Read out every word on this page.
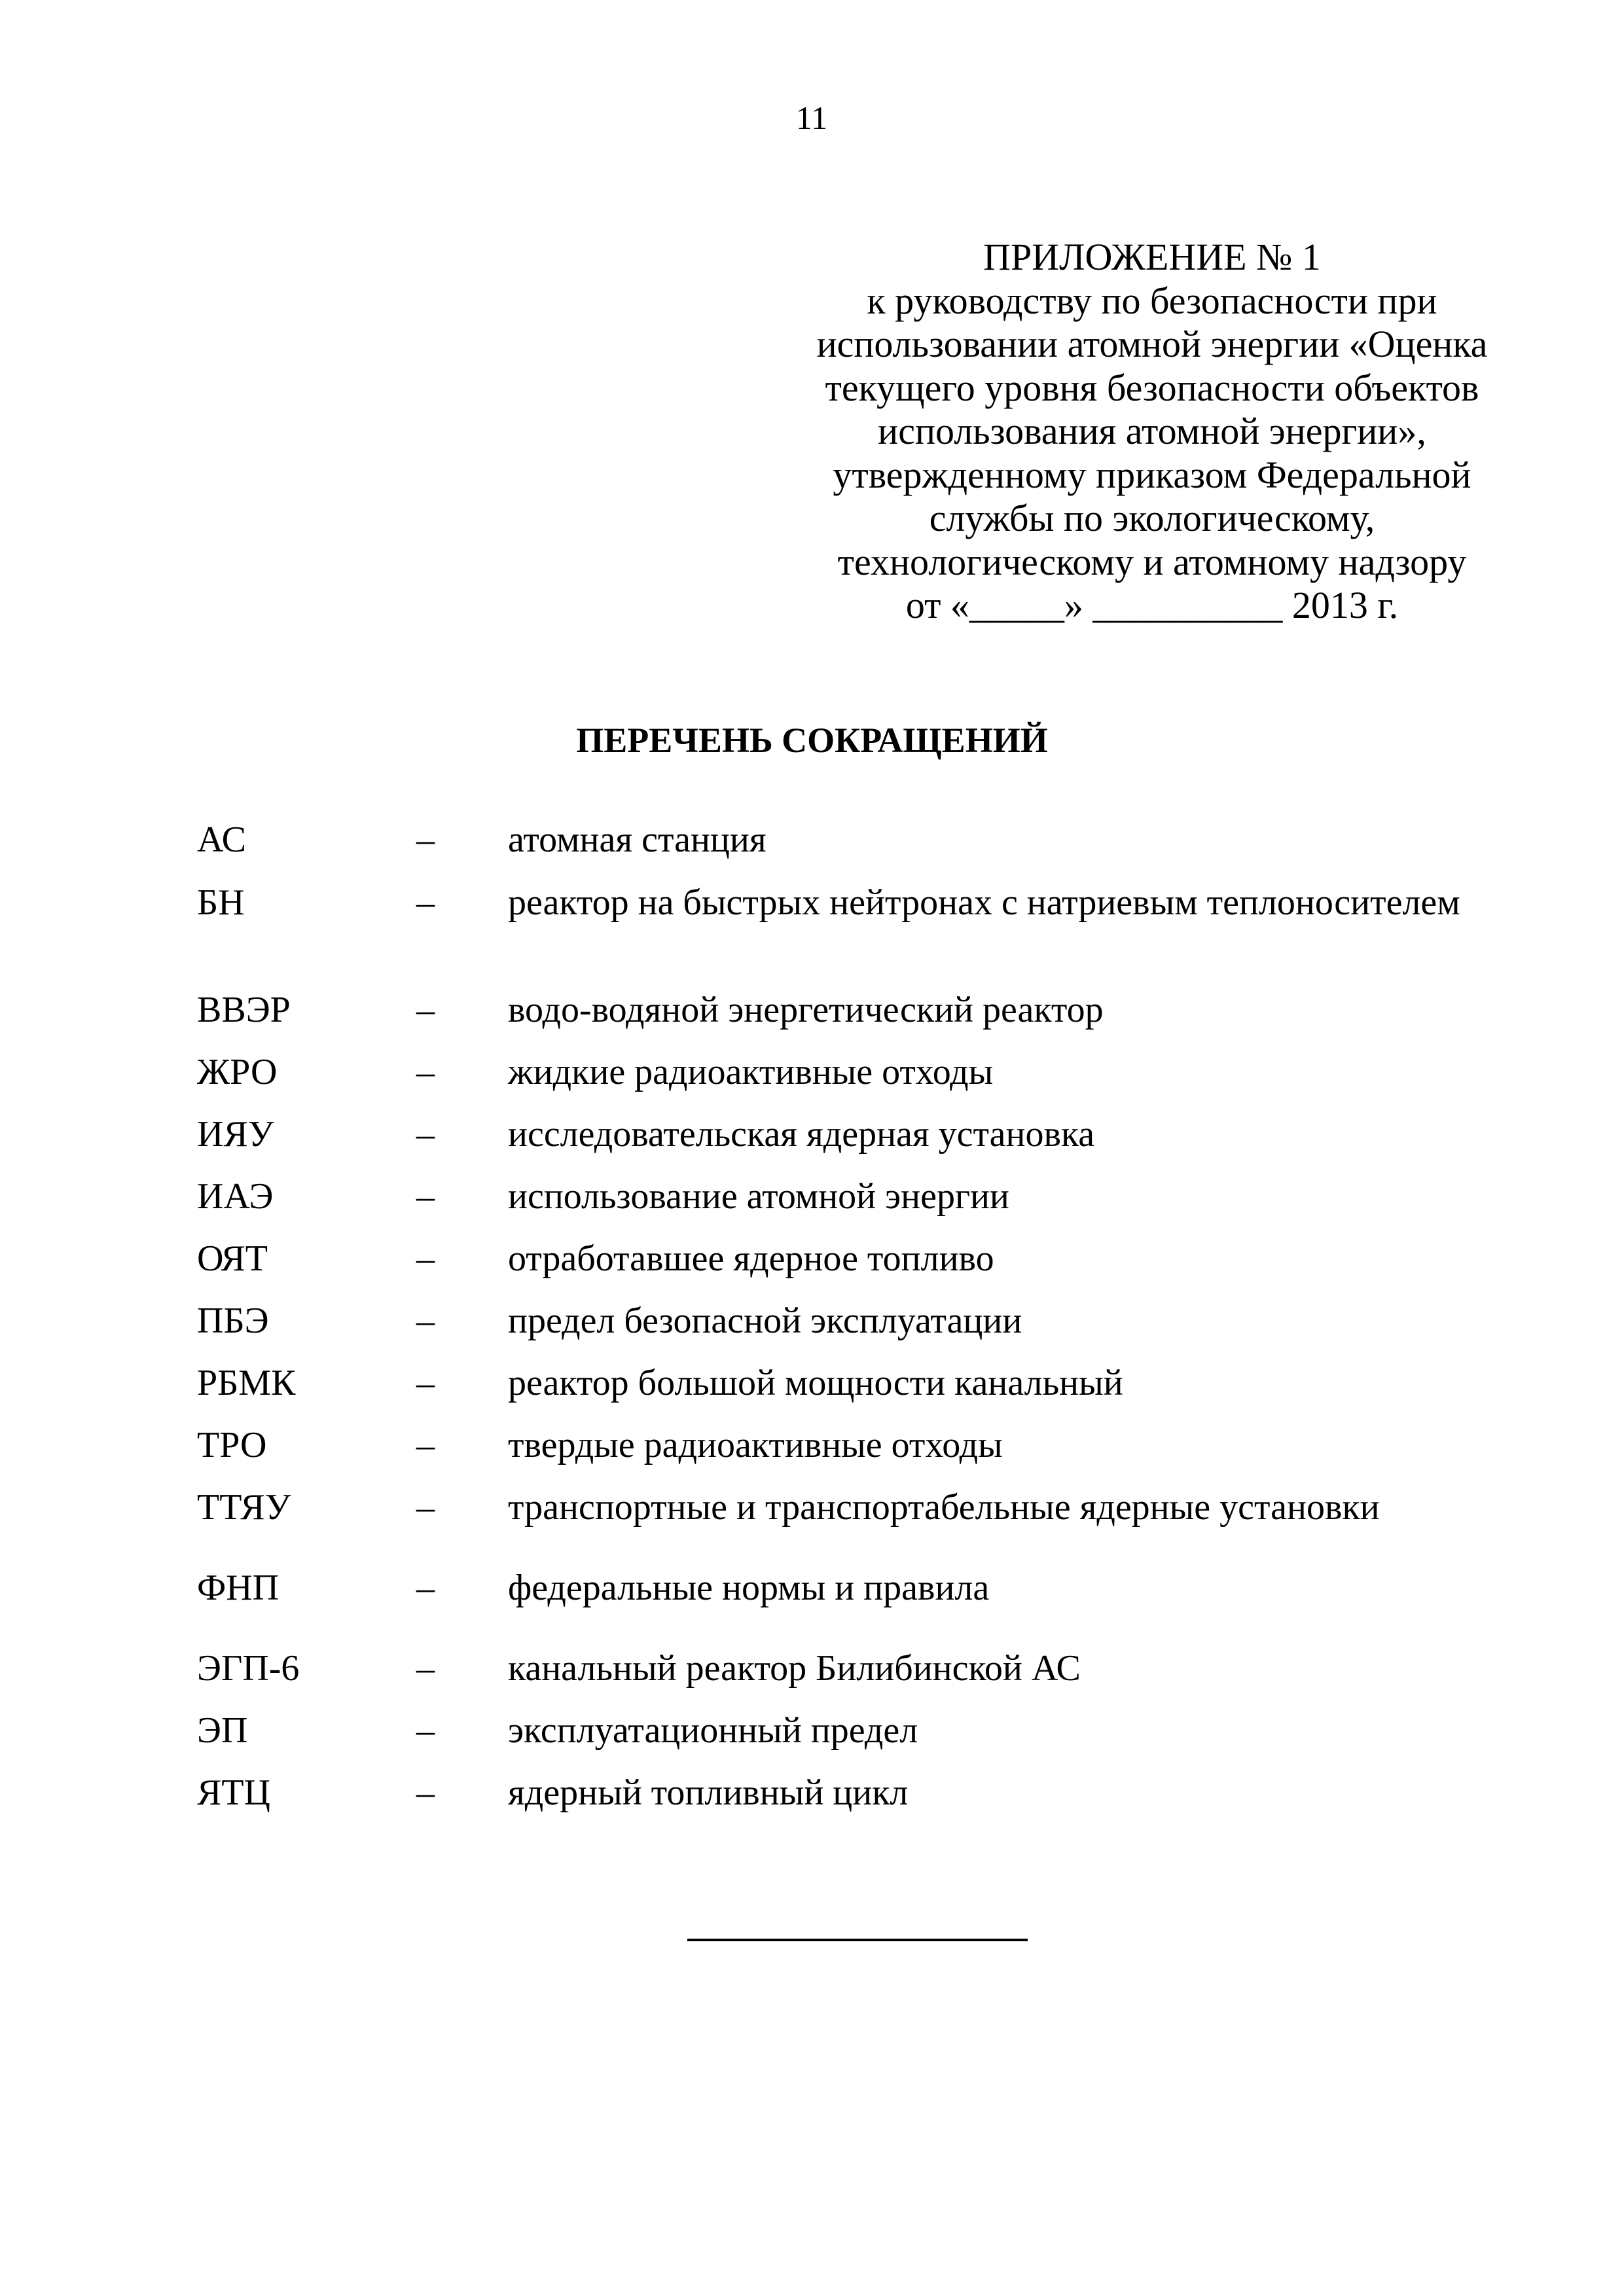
11
ПРИЛОЖЕНИЕ № 1
к руководству по безопасности при
использовании атомной энергии «Оценка
текущего уровня безопасности объектов
использования атомной энергии»,
утвержденному приказом Федеральной
службы по экологическому,
технологическому и атомному надзору
от «_____» __________ 2013 г.
ПЕРЕЧЕНЬ СОКРАЩЕНИЙ
АС	– атомная станция
БН	– реактор на быстрых нейтронах с натриевым теплоносителем
ВВЭР	– водо-водяной энергетический реактор
ЖРО	– жидкие радиоактивные отходы
ИЯУ	– исследовательская ядерная установка
ИАЭ	– использование атомной энергии
ОЯТ	– отработавшее ядерное топливо
ПБЭ	– предел безопасной эксплуатации
РБМК	– реактор большой мощности канальный
ТРО	– твердые радиоактивные отходы
ТТЯУ	– транспортные и транспортабельные ядерные установки
ФНП	– федеральные нормы и правила
ЭГП-6	– канальный реактор Билибинской АС
ЭП	– эксплуатационный предел
ЯТЦ	– ядерный топливный цикл
